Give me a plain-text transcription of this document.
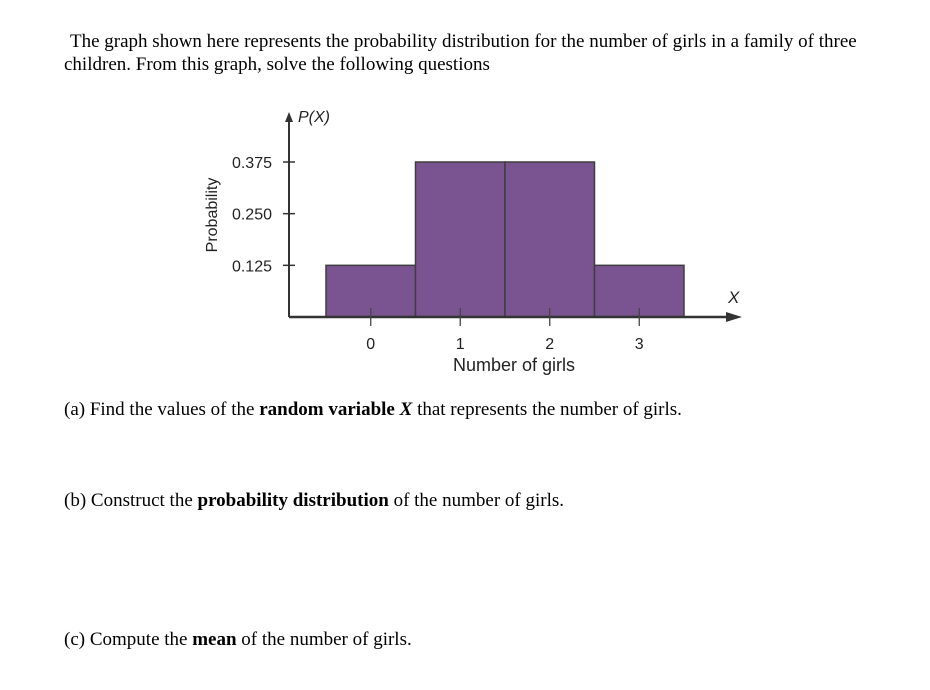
The graph shown here represents the probability distribution for the number of girls in a family of three children. From this graph, solve the following questions
0.125
0.250
0.375
0	1	2	3
P(X)
X
Number of girls
Probability
(a) Find the values of the random variable X that represents the number of girls.
(b) Construct the probability distribution of the number of girls.
(c) Compute the mean of the number of girls.
